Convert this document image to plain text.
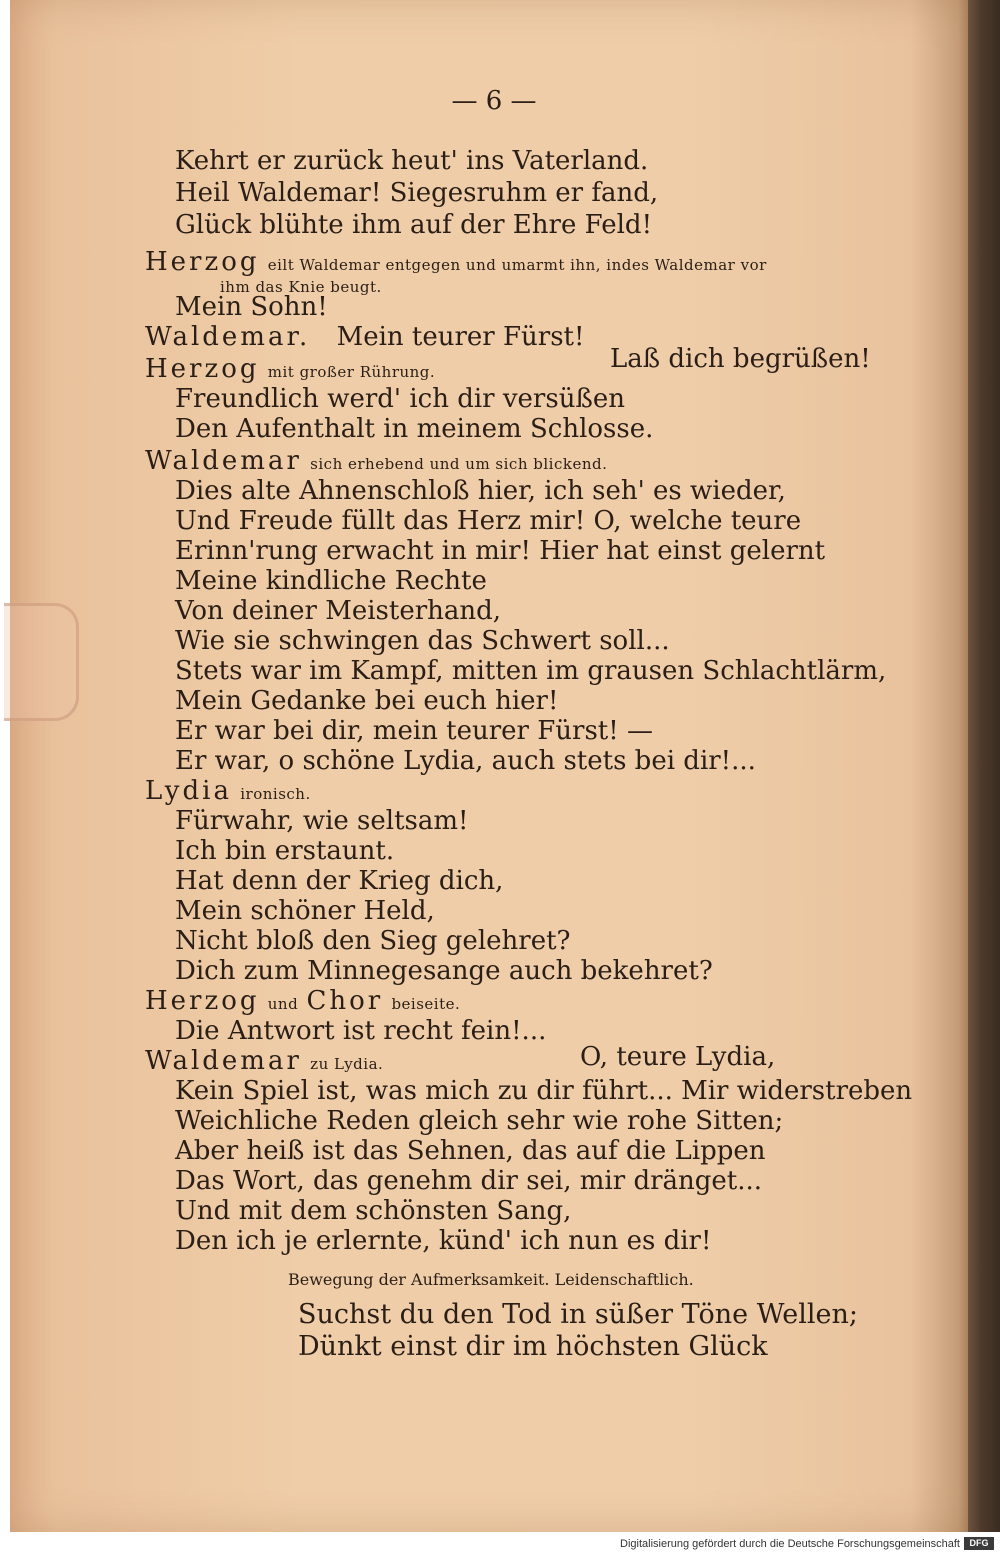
— 6 —
Kehrt er zurück heut' ins Vaterland.
Heil Waldemar! Siegesruhm er fand,
Glück blühte ihm auf der Ehre Feld!
Herzog eilt Waldemar entgegen und umarmt ihn, indes Waldemar vor
ihm das Knie beugt.
Mein Sohn!
Waldemar. Mein teurer Fürst!
Herzog mit großer Rührung.	Laß dich begrüßen!
Freundlich werd' ich dir versüßen
Den Aufenthalt in meinem Schlosse.
Waldemar sich erhebend und um sich blickend.
Dies alte Ahnenschloß hier, ich seh' es wieder,
Und Freude füllt das Herz mir! O, welche teure
Erinn'rung erwacht in mir! Hier hat einst gelernt
Meine kindliche Rechte
Von deiner Meisterhand,
Wie sie schwingen das Schwert soll...
Stets war im Kampf, mitten im grausen Schlachtlärm,
Mein Gedanke bei euch hier!
Er war bei dir, mein teurer Fürst! —
Er war, o schöne Lydia, auch stets bei dir!...
Lydia ironisch.
Fürwahr, wie seltsam!
Ich bin erstaunt.
Hat denn der Krieg dich,
Mein schöner Held,
Nicht bloß den Sieg gelehret?
Dich zum Minnegesange auch bekehret?
Herzog und Chor beiseite.
Die Antwort ist recht fein!...
Waldemar zu Lydia.	O, teure Lydia,
Kein Spiel ist, was mich zu dir führt... Mir widerstreben
Weichliche Reden gleich sehr wie rohe Sitten;
Aber heiß ist das Sehnen, das auf die Lippen
Das Wort, das genehm dir sei, mir dränget...
Und mit dem schönsten Sang,
Den ich je erlernte, künd' ich nun es dir!
Bewegung der Aufmerksamkeit. Leidenschaftlich.
Suchst du den Tod in süßer Töne Wellen;
Dünkt einst dir im höchsten Glück
Digitalisierung gefördert durch die Deutsche Forschungsgemeinschaft	DFG
